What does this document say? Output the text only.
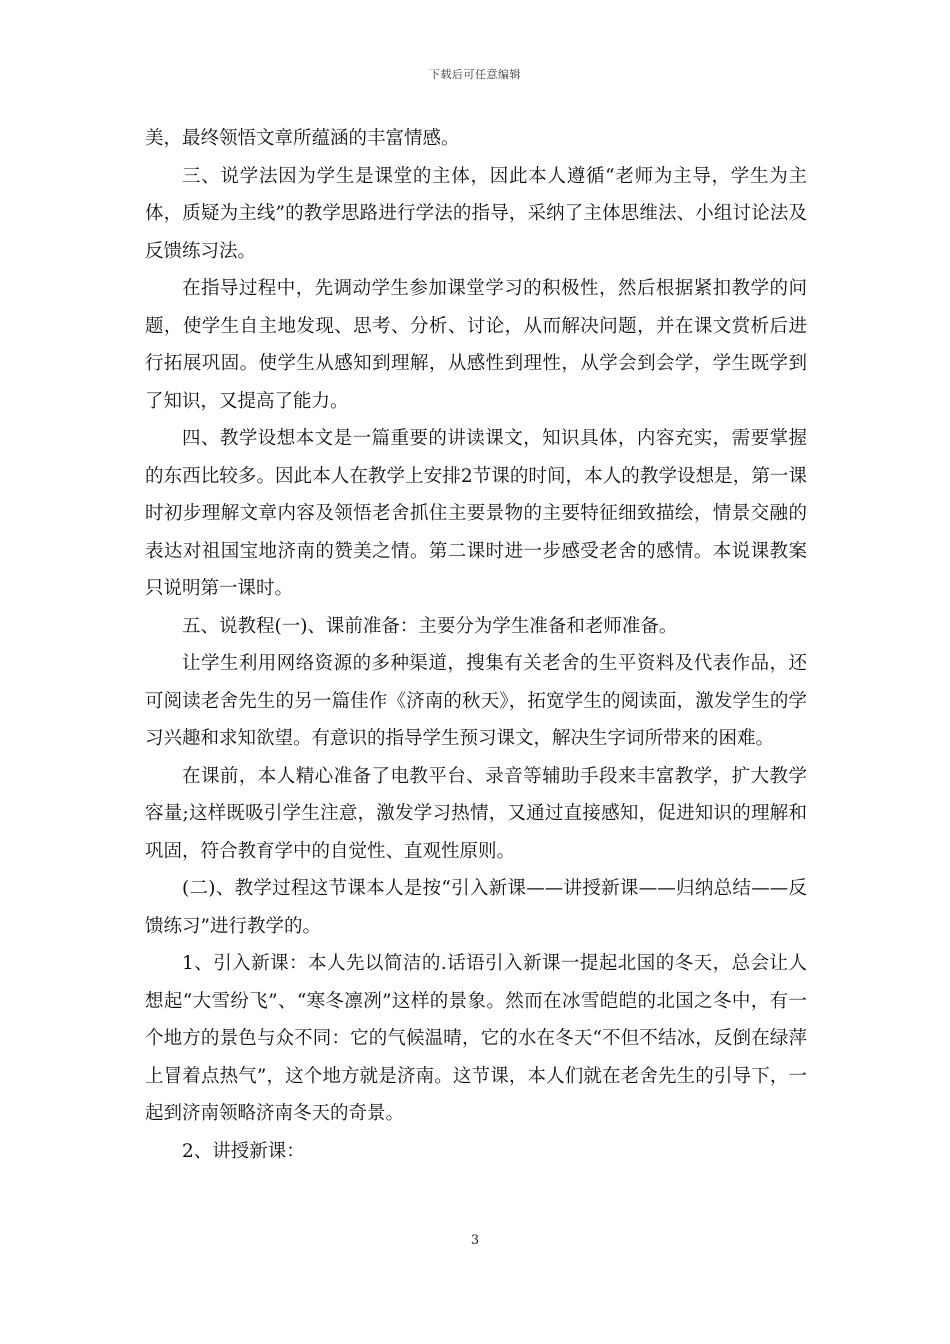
下载后可任意编辑

美，最终领悟文章所蕴涵的丰富情感。

三、说学法因为学生是课堂的主体，因此本人遵循“老师为主导，学生为主体，质疑为主线”的教学思路进行学法的指导，采纳了主体思维法、小组讨论法及反馈练习法。

在指导过程中，先调动学生参加课堂学习的积极性，然后根据紧扣教学的问题，使学生自主地发现、思考、分析、讨论，从而解决问题，并在课文赏析后进行拓展巩固。使学生从感知到理解，从感性到理性，从学会到会学，学生既学到了知识，又提高了能力。

四、教学设想本文是一篇重要的讲读课文，知识具体，内容充实，需要掌握的东西比较多。因此本人在教学上安排2节课的时间，本人的教学设想是，第一课时初步理解文章内容及领悟老舍抓住主要景物的主要特征细致描绘，情景交融的表达对祖国宝地济南的赞美之情。第二课时进一步感受老舍的感情。本说课教案只说明第一课时。

五、说教程(一)、课前准备：主要分为学生准备和老师准备。

让学生利用网络资源的多种渠道，搜集有关老舍的生平资料及代表作品，还可阅读老舍先生的另一篇佳作《济南的秋天》，拓宽学生的阅读面，激发学生的学习兴趣和求知欲望。有意识的指导学生预习课文，解决生字词所带来的困难。

在课前，本人精心准备了电教平台、录音等辅助手段来丰富教学，扩大教学容量;这样既吸引学生注意，激发学习热情，又通过直接感知，促进知识的理解和巩固，符合教育学中的自觉性、直观性原则。

(二)、教学过程这节课本人是按“引入新课——讲授新课——归纳总结——反馈练习”进行教学的。

1、引入新课：本人先以简洁的.话语引入新课一提起北国的冬天，总会让人想起“大雪纷飞”、“寒冬凛冽”这样的景象。然而在冰雪皑皑的北国之冬中，有一个地方的景色与众不同：它的气候温晴，它的水在冬天“不但不结冰，反倒在绿萍上冒着点热气”，这个地方就是济南。这节课，本人们就在老舍先生的引导下，一起到济南领略济南冬天的奇景。

2、讲授新课：

3
